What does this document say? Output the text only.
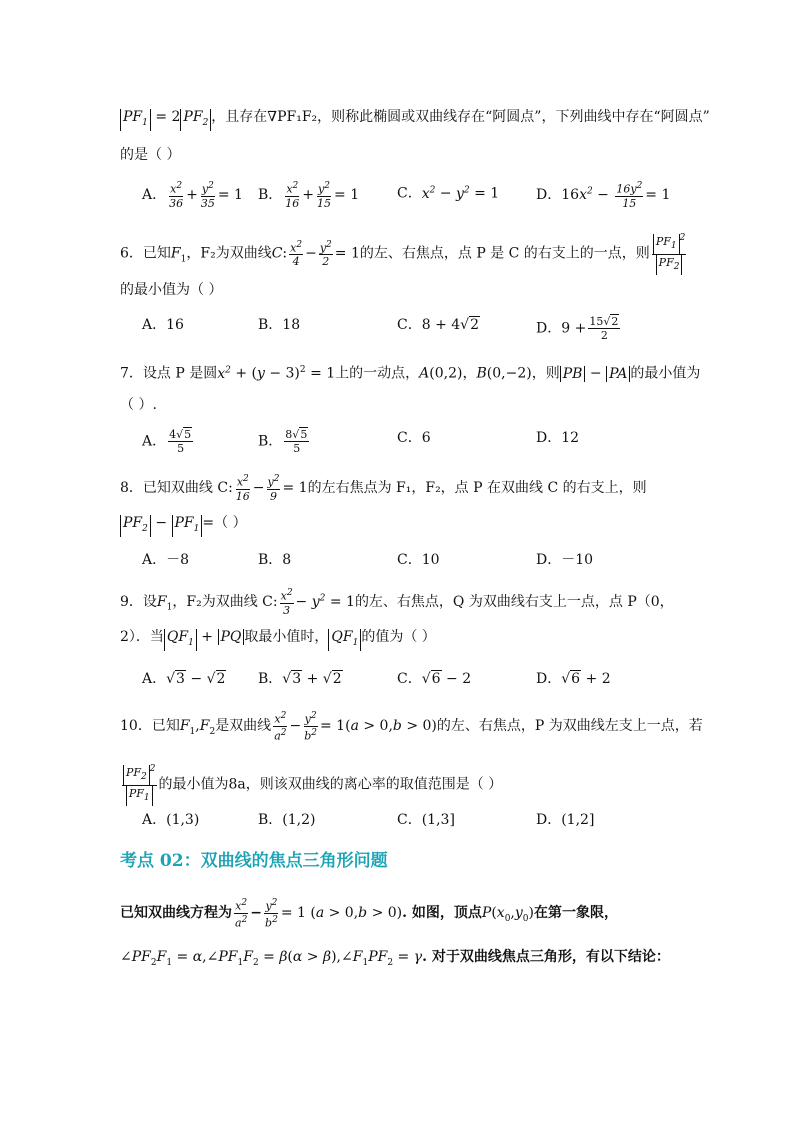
$PF_1 = 2$ $PF_2$ ，且存在∇PF₁F₂，则称此椭圆或双曲线存在“阿圆点”，下列曲线中存在“阿圆点”
的是（ ）
A． $\frac{x^2}{36} + \frac{y^2}{35} = 1$ B． $\frac{x^2}{16} + \frac{y^2}{15} = 1$	C．$x^2 - y^2 = 1$	D．$16x^2 - \frac{16y^2}{15} = 1$
6．已知$F_1$，F₂为双曲线C: $\frac{x^2}{4} - \frac{y^2}{2} = 1$的左、右焦点，点 P 是 C 的右支上的一点，则 $\frac{PF_1^2}{PF_2}$
的最小值为（ ）
A．16	B．18	C．8 + 4√2	D．$9 + \frac{15√2}{2}$
7．设点 P 是圆$x^2 + (y - 3)^2 = 1$上的一动点，A(0,2)，B(0,−2)，则 PB − PA 的最小值为
（ ）.
A． $\frac{4√5}{5}$	B． $\frac{8√5}{5}$	C．6	D．12
8．已知双曲线 C: $\frac{x^2}{16} - \frac{y^2}{9} = 1$的左右焦点为 F₁，F₂，点 P 在双曲线 C 的右支上，则
$PF_2 - PF_1$ =（ ）
A．－8	B．8	C．10	D．－10
9．设$F_1$，F₂为双曲线 C: $\frac{x^2}{3} - y^2 = 1$的左、右焦点，Q 为双曲线右支上一点，点 P（0，
2）．当 $QF_1$ + PQ 取最小值时， $QF_1$ 的值为（ ）
A．√3 − √2 B．√3 + √2	C．√6 − 2	D．√6 + 2
10．已知$F_1,F_2$是双曲线 $\frac{x^2}{a^2} - \frac{y^2}{b^2} = 1(a > 0,b > 0)$的左、右焦点，P 为双曲线左支上一点，若
$\frac{PF_2^2}{PF_1}$ 的最小值为8a，则该双曲线的离心率的取值范围是（ ）
A．(1,3)	B．(1,2)	C．(1,3]	D．(1,2]
考点 02：双曲线的焦点三角形问题
已知双曲线方程为 $\frac{x^2}{a^2} - \frac{y^2}{b^2} = 1$ (a > 0,b > 0). 如图，顶点$P(x_0,y_0)$在第一象限，
$\angle PF_2F_1$ = $\alpha,\angle PF_1F_2 = \beta(\alpha$ > $\beta),\angle F_1PF_2 = \gamma$. 对于双曲线焦点三角形，有以下结论：
